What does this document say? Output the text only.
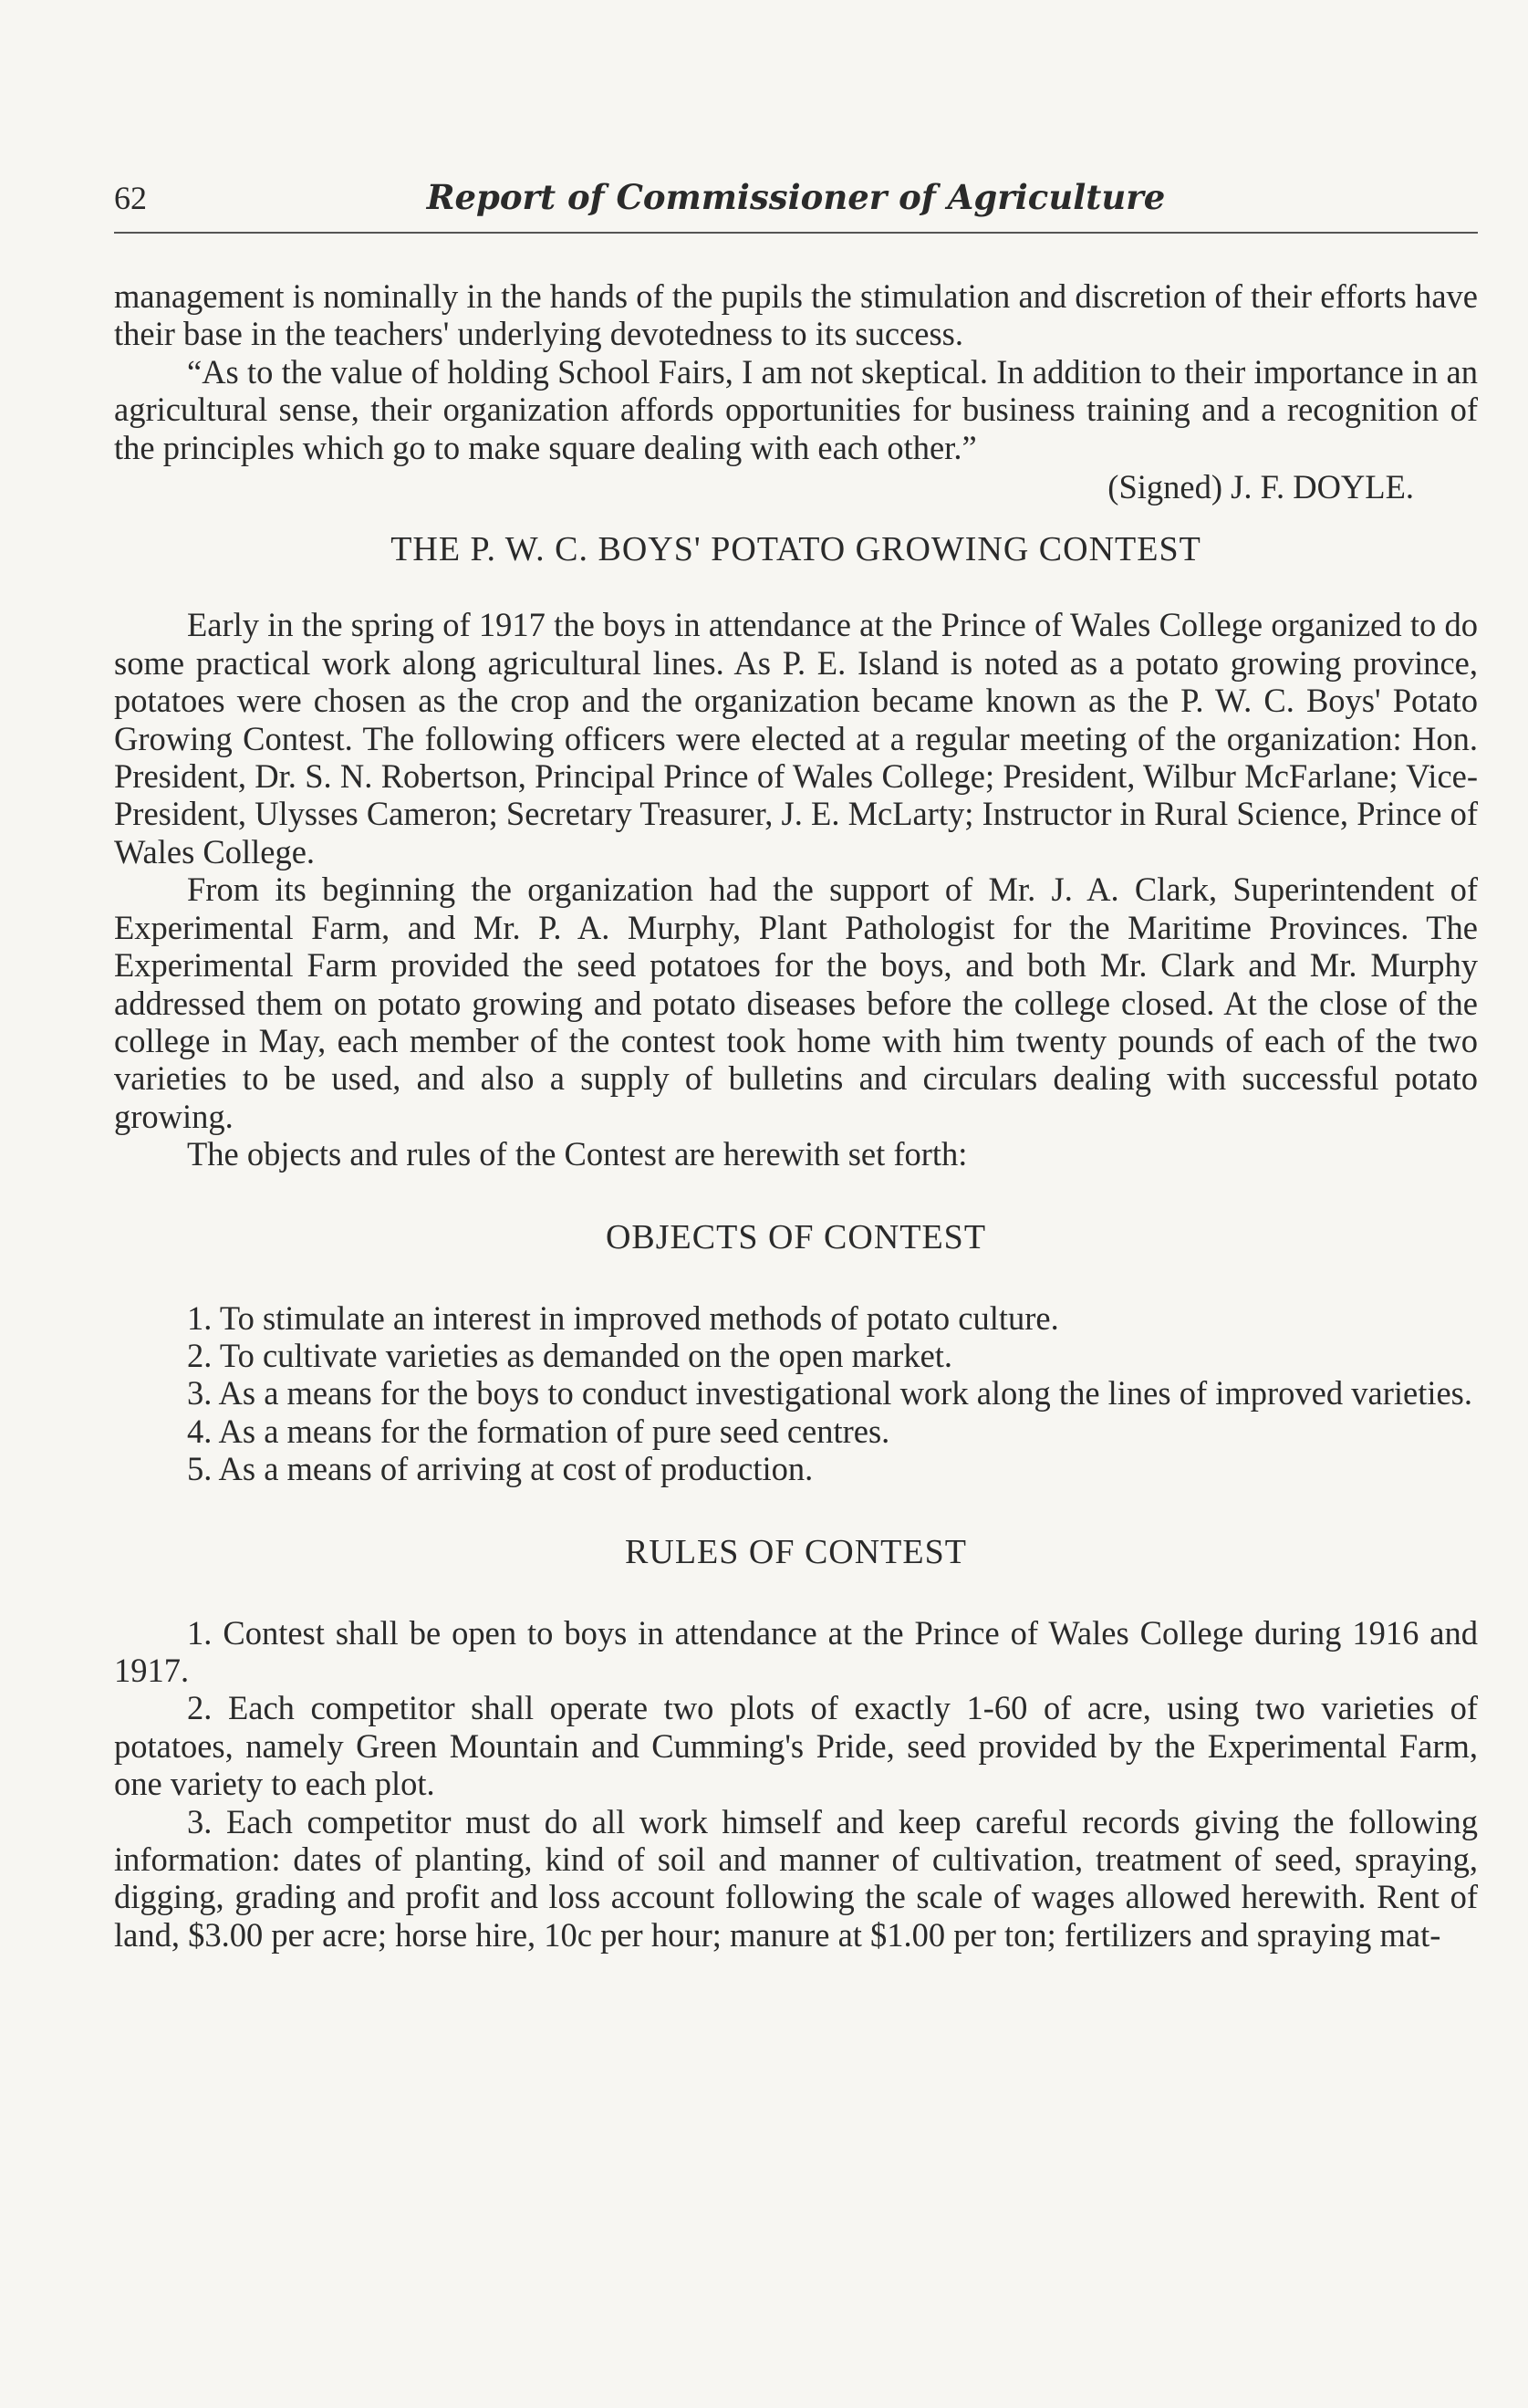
62	Report of Commissioner of Agriculture

management is nominally in the hands of the pupils the stimulation and discretion of their efforts have their base in the teachers' underlying devotedness to its success.

“As to the value of holding School Fairs, I am not skeptical. In addition to their importance in an agricultural sense, their organization affords opportunities for business training and a recognition of the principles which go to make square dealing with each other.”

(Signed) J. F. DOYLE.

THE P. W. C. BOYS' POTATO GROWING CONTEST

Early in the spring of 1917 the boys in attendance at the Prince of Wales College organized to do some practical work along agricultural lines. As P. E. Island is noted as a potato growing province, potatoes were chosen as the crop and the organization became known as the P. W. C. Boys' Potato Growing Contest. The following officers were elected at a regular meeting of the organization: Hon. President, Dr. S. N. Robertson, Principal Prince of Wales College; President, Wilbur McFarlane; Vice-President, Ulysses Cameron; Secretary Treasurer, J. E. McLarty; Instructor in Rural Science, Prince of Wales College.

From its beginning the organization had the support of Mr. J. A. Clark, Superintendent of Experimental Farm, and Mr. P. A. Murphy, Plant Pathologist for the Maritime Provinces. The Experimental Farm provided the seed potatoes for the boys, and both Mr. Clark and Mr. Murphy addressed them on potato growing and potato diseases before the college closed. At the close of the college in May, each member of the contest took home with him twenty pounds of each of the two varieties to be used, and also a supply of bulletins and circulars dealing with successful potato growing.

The objects and rules of the Contest are herewith set forth:

OBJECTS OF CONTEST

1. To stimulate an interest in improved methods of potato culture.

2. To cultivate varieties as demanded on the open market.

3. As a means for the boys to conduct investigational work along the lines of improved varieties.

4. As a means for the formation of pure seed centres.

5. As a means of arriving at cost of production.

RULES OF CONTEST

1. Contest shall be open to boys in attendance at the Prince of Wales College during 1916 and 1917.

2. Each competitor shall operate two plots of exactly 1-60 of acre, using two varieties of potatoes, namely Green Mountain and Cumming's Pride, seed provided by the Experimental Farm, one variety to each plot.

3. Each competitor must do all work himself and keep careful records giving the following information: dates of planting, kind of soil and manner of cultivation, treatment of seed, spraying, digging, grading and profit and loss account following the scale of wages allowed herewith. Rent of land, $3.00 per acre; horse hire, 10c per hour; manure at $1.00 per ton; fertilizers and spraying mat-
